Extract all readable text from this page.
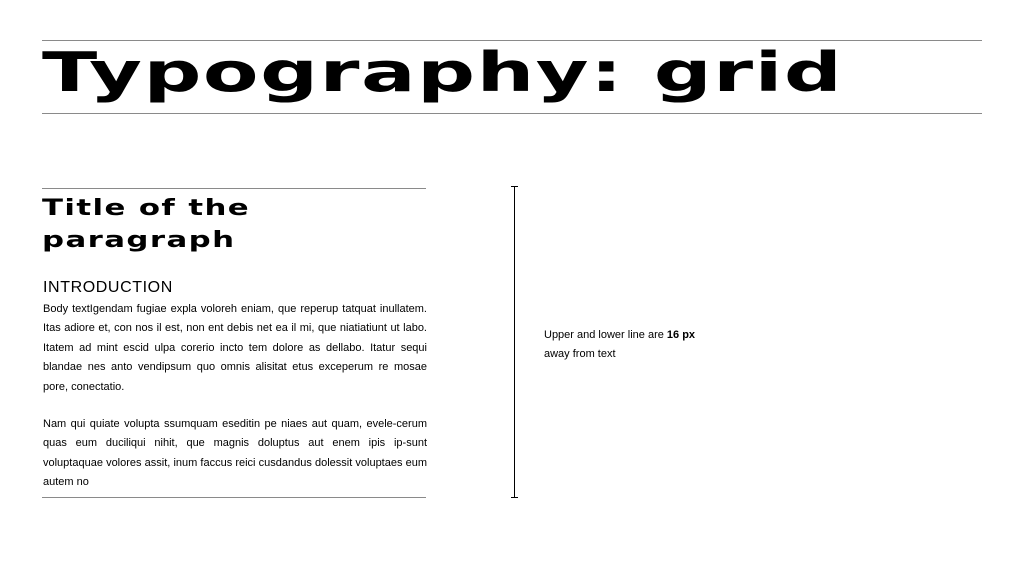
Typography: grid
Title of the
paragraph

INTRODUCTION

Body textIgendam fugiae expla voloreh eniam, que reperup tatquat inullatem. Itas adiore et, con nos il est, non ent debis net ea il mi, que niatiatiunt ut labo. Itatem ad mint escid ulpa corerio incto tem dolore as dellabo. Itatur sequi blandae nes anto vendipsum quo omnis alisitat etus exceperum re mosae pore, conectatio.

Nam qui quiate volupta ssumquam eseditin pe niaes aut quam, evele-cerum quas eum duciliqui nihit, que magnis doluptus aut enem ipis ip-sunt voluptaquae volores assit, inum faccus reici cusdandus dolessit voluptaes eum autem no

Upper and lower line are 16 px
away from text
